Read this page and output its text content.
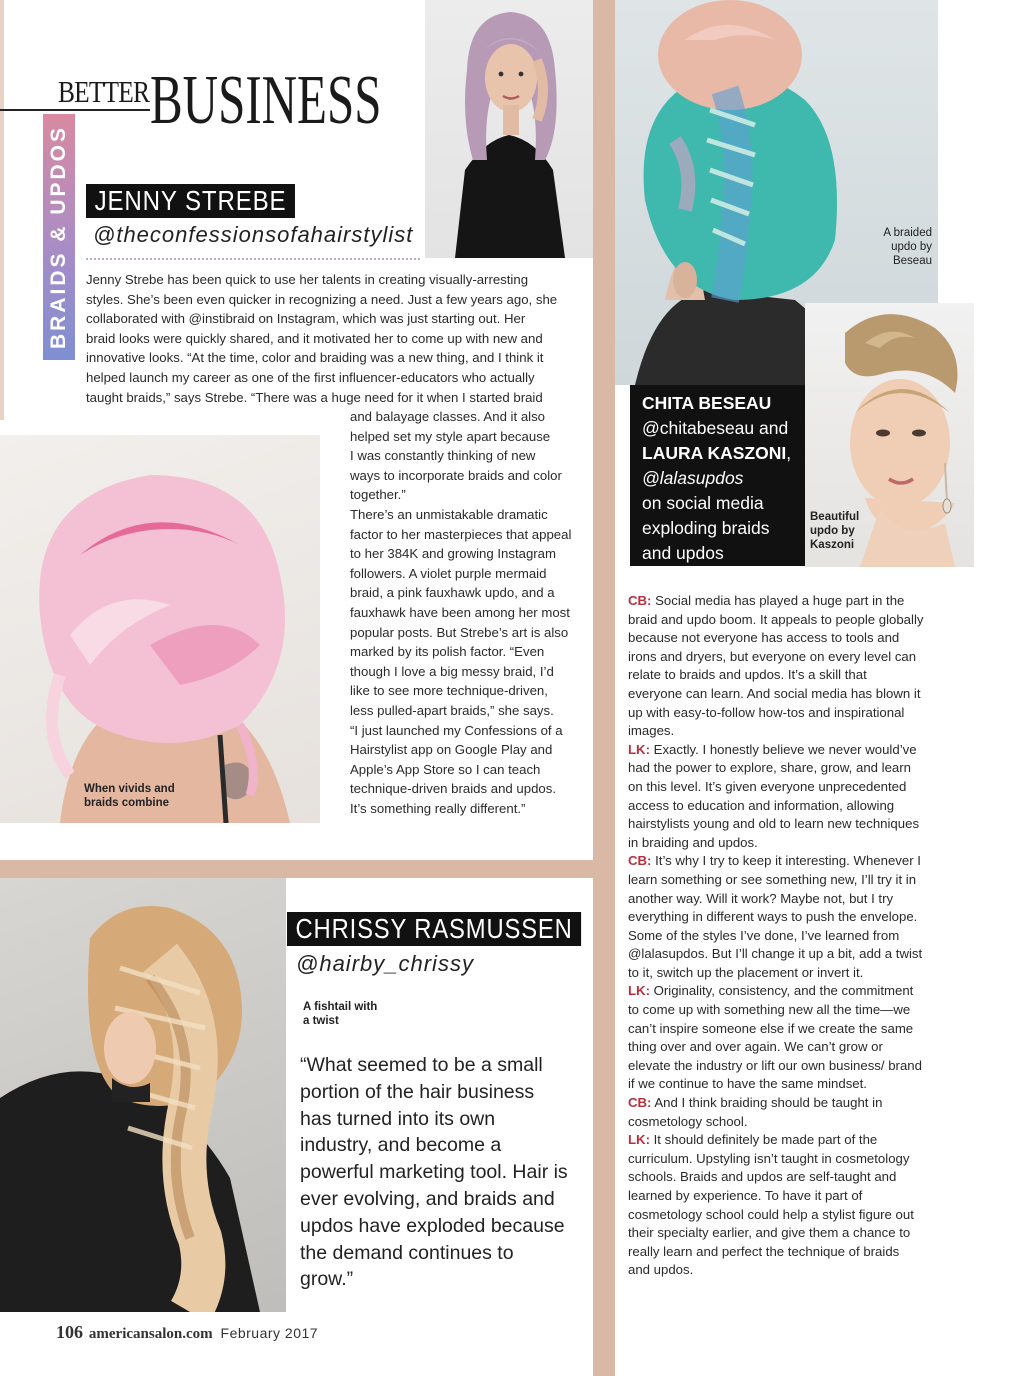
BETTER BUSINESS
BRAIDS & UPDOS JENNY STREBE
@theconfessionsofahairstylist

Jenny Strebe has been quick to use her talents in creating visually-arresting

styles. She’s been even quicker in recognizing a need. Just a few years ago, she

collaborated with @instibraid on Instagram, which was just starting out. Her

braid looks were quickly shared, and it motivated her to come up with new and

innovative looks. “At the time, color and braiding was a new thing, and I think it

helped launch my career as one of the first influencer-educators who actually

taught braids,” says Strebe. “There was a huge need for it when I started braid

and balayage classes. And it also

helped set my style apart because

I was constantly thinking of new

ways to incorporate braids and color

together.”

There’s an unmistakable dramatic

factor to her masterpieces that appeal

to her 384K and growing Instagram

followers. A violet purple mermaid

braid, a pink fauxhawk updo, and a

fauxhawk have been among her most

popular posts. But Strebe’s art is also

marked by its polish factor. “Even

though I love a big messy braid, I’d

like to see more technique-driven,

less pulled-apart braids,” she says.

“I just launched my Confessions of a

Hairstylist app on Google Play and

Apple’s App Store so I can teach

technique-driven braids and updos.

It’s something really different.”

When vivids and braids combine
A braided updo by Beseau
Beautiful updo by Kaszoni
CHITA BESEAU
@chitabeseau and
LAURA KASZONI,
@lalasupdos
on social media
exploding braids
and updos

CB: Social media has played a huge part in the braid and updo boom. It appeals to people globally because not everyone has access to tools and irons and dryers, but everyone on every level can relate to braids and updos. It’s a skill that everyone can learn. And social media has blown it up with easy-to-follow how-tos and inspirational images.

LK: Exactly. I honestly believe we never would’ve had the power to explore, share, grow, and learn on this level. It’s given everyone unprecedented access to education and information, allowing hairstylists young and old to learn new techniques in braiding and updos.

CB: It’s why I try to keep it interesting. Whenever I learn something or see something new, I’ll try it in another way. Will it work? Maybe not, but I try everything in different ways to push the envelope. Some of the styles I’ve done, I’ve learned from @lalasupdos. But I’ll change it up a bit, add a twist to it, switch up the placement or invert it.

LK: Originality, consistency, and the commitment to come up with something new all the time—we can’t inspire someone else if we create the same thing over and over again. We can’t grow or elevate the industry or lift our own business/ brand if we continue to have the same mindset.

CB: And I think braiding should be taught in cosmetology school.

LK: It should definitely be made part of the curriculum. Upstyling isn’t taught in cosmetology schools. Braids and updos are self-taught and learned by experience. To have it part of cosmetology school could help a stylist figure out their specialty earlier, and give them a chance to really learn and perfect the technique of braids and updos.

A fishtail with a twist
CHRISSY RASMUSSEN
@hairby_chrissy
“What seemed to be a small portion of the hair business has turned into its own industry, and become a powerful marketing tool. Hair is ever evolving, and braids and updos have exploded because the demand continues to grow.”
106 americansalon.com February 2017
